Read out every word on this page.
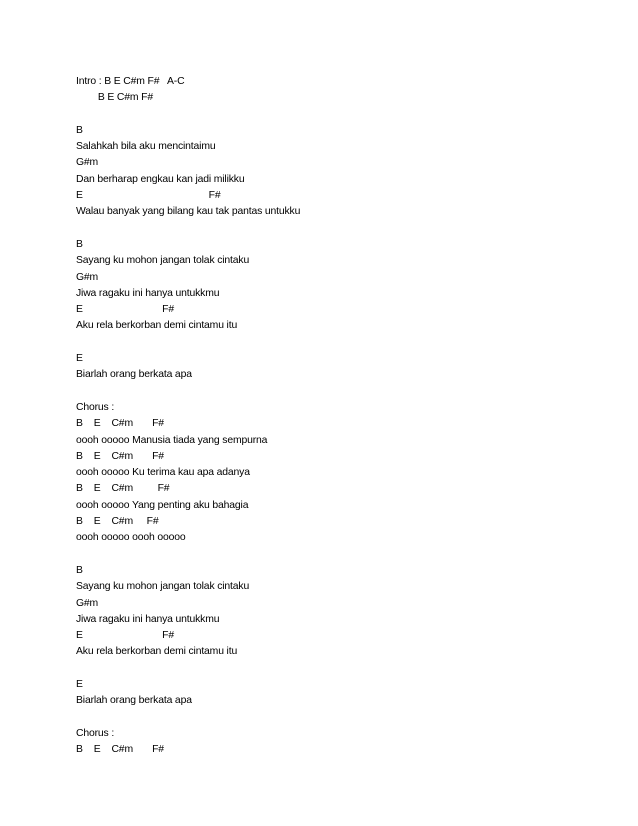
Intro : B E C#m F#   A-C
B E C#m F#
B
Salahkah bila aku mencintaimu
G#m
Dan berharap engkau kan jadi milikku
E                                              F#
Walau banyak yang bilang kau tak pantas untukku
B
Sayang ku mohon jangan tolak cintaku
G#m
Jiwa ragaku ini hanya untukkmu
E                             F#
Aku rela berkorban demi cintamu itu
E
Biarlah orang berkata apa
Chorus :
B    E    C#m       F#
oooh ooooo Manusia tiada yang sempurna
B    E    C#m       F#
oooh ooooo Ku terima kau apa adanya
B    E    C#m         F#
oooh ooooo Yang penting aku bahagia
B    E    C#m     F#
oooh ooooo oooh ooooo
B
Sayang ku mohon jangan tolak cintaku
G#m
Jiwa ragaku ini hanya untukkmu
E                             F#
Aku rela berkorban demi cintamu itu
E
Biarlah orang berkata apa
Chorus :
B    E    C#m       F#
